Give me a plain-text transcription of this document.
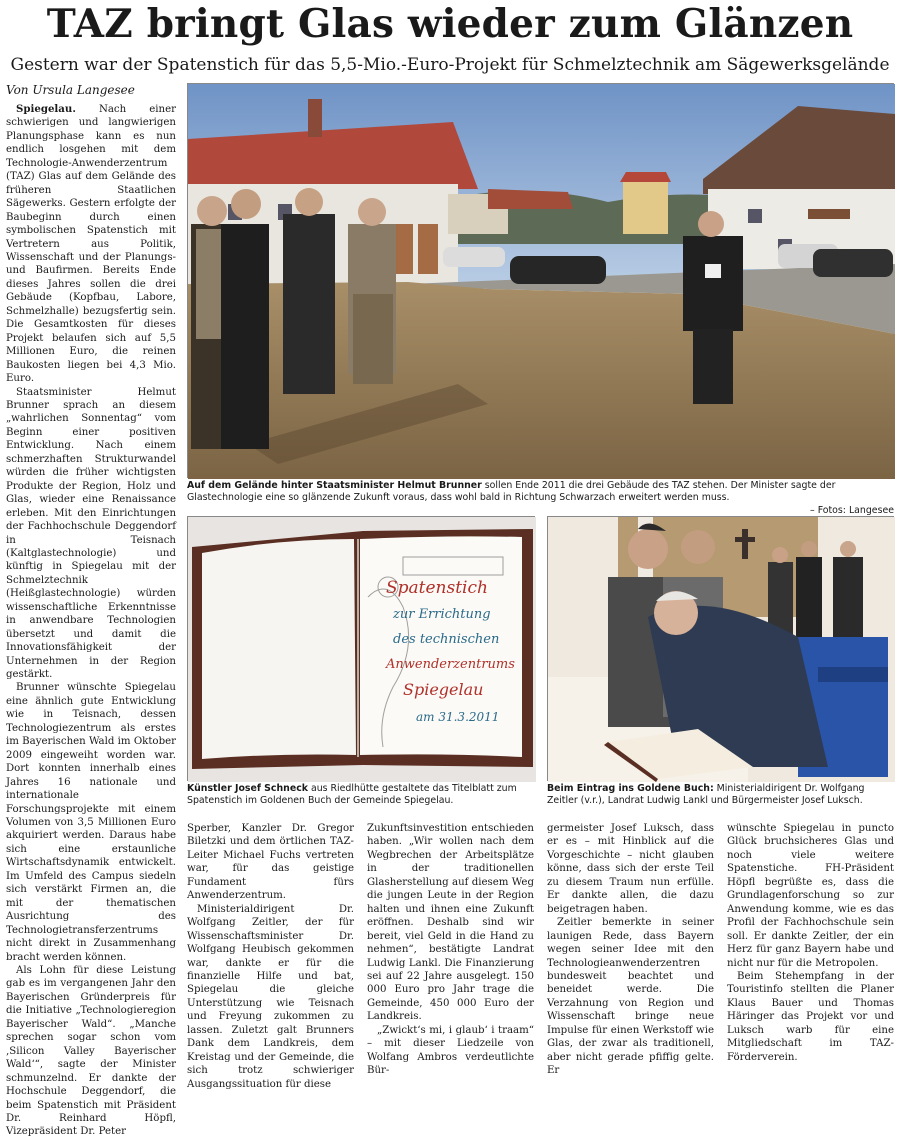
TAZ bringt Glas wieder zum Glänzen
Gestern war der Spatenstich für das 5,5-Mio.-Euro-Projekt für Schmelztechnik am Sägewerksgelände
Von Ursula Langesee

Spiegelau. Nach einer schwierigen und langwierigen Planungsphase kann es nun endlich losgehen mit dem Technologie-Anwenderzentrum (TAZ) Glas auf dem Gelände des früheren Staatlichen Sägewerks. Gestern erfolgte der Baubeginn durch einen symbolischen Spatenstich mit Vertretern aus Politik, Wissenschaft und der Planungs- und Baufirmen. Bereits Ende dieses Jahres sollen die drei Gebäude (Kopfbau, Labore, Schmelzhalle) bezugsfertig sein. Die Gesamtkosten für dieses Projekt belaufen sich auf 5,5 Millionen Euro, die reinen Baukosten liegen bei 4,3 Mio. Euro.

Staatsminister Helmut Brunner sprach an diesem „wahrlichen Sonnentag“ vom Beginn einer positiven Entwicklung. Nach einem schmerzhaften Strukturwandel würden die früher wichtigsten Produkte der Region, Holz und Glas, wieder eine Renaissance erleben. Mit den Einrichtungen der Fachhochschule Deggendorf in Teisnach (Kaltglastechnologie) und künftig in Spiegelau mit der Schmelztechnik (Heißglastechnologie) würden wissenschaftliche Erkenntnisse in anwendbare Technologien übersetzt und damit die Innovationsfähigkeit der Unternehmen in der Region gestärkt.

Brunner wünschte Spiegelau eine ähnlich gute Entwicklung wie in Teisnach, dessen Technologiezentrum als erstes im Bayerischen Wald im Oktober 2009 eingeweiht worden war. Dort konnten innerhalb eines Jahres 16 nationale und internationale Forschungsprojekte mit einem Volumen von 3,5 Millionen Euro akquiriert werden. Daraus habe sich eine erstaunliche Wirtschaftsdynamik entwickelt. Im Umfeld des Campus siedeln sich verstärkt Firmen an, die mit der thematischen Ausrichtung des Technologietransferzentrums nicht direkt in Zusammenhang bracht werden können.

Als Lohn für diese Leistung gab es im vergangenen Jahr den Bayerischen Gründerpreis für die Initiative „Technologieregion Bayerischer Wald“. „Manche sprechen sogar schon vom ‚Silicon Valley Bayerischer Wald‘“, sagte der Minister schmunzelnd. Er dankte der Hochschule Deggendorf, die beim Spatenstich mit Präsident Dr. Reinhard Höpfl, Vizepräsident Dr. Peter

Auf dem Gelände hinter Staatsminister Helmut Brunner sollen Ende 2011 die drei Gebäude des TAZ stehen. Der Minister sagte der Glastechnologie eine so glänzende Zukunft voraus, dass wohl bald in Richtung Schwarzach erweitert werden muss.
– Fotos: Langesee
Spatenstich
zur Errichtung
des technischen
Anwenderzentrums
Spiegelau
am 31.3.2011
Künstler Josef Schneck aus Riedlhütte gestaltete das Titelblatt zum Spatenstich im Goldenen Buch der Gemeinde Spiegelau.
Beim Eintrag ins Goldene Buch: Ministerialdirigent Dr. Wolfgang Zeitler (v.r.), Landrat Ludwig Lankl und Bürgermeister Josef Luksch.

Sperber, Kanzler Dr. Gregor Biletzki und dem örtlichen TAZ-Leiter Michael Fuchs vertreten war, für das geistige Fundament fürs Anwenderzentrum.

Ministerialdirigent Dr. Wolfgang Zeitler, der für Wissenschaftsminister Dr. Wolfgang Heubisch gekommen war, dankte er für die finanzielle Hilfe und bat, Spiegelau die gleiche Unterstützung wie Teisnach und Freyung zukommen zu lassen. Zuletzt galt Brunners Dank dem Landkreis, dem Kreistag und der Gemeinde, die sich trotz schwieriger Ausgangssituation für diese

Zukunftsinvestition entschieden haben. „Wir wollen nach dem Wegbrechen der Arbeitsplätze in der traditionellen Glasherstellung auf diesem Weg die jungen Leute in der Region halten und ihnen eine Zukunft eröffnen. Deshalb sind wir bereit, viel Geld in die Hand zu nehmen“, bestätigte Landrat Ludwig Lankl. Die Finanzierung sei auf 22 Jahre ausgelegt. 150 000 Euro pro Jahr trage die Gemeinde, 450 000 Euro der Landkreis.

„Zwickt‘s mi, i glaub‘ i traam“ – mit dieser Liedzeile von Wolfang Ambros verdeutlichte Bür-

germeister Josef Luksch, dass er es – mit Hinblick auf die Vorgeschichte – nicht glauben könne, dass sich der erste Teil zu diesem Traum nun erfülle. Er dankte allen, die dazu beigetragen haben.

Zeitler bemerkte in seiner launigen Rede, dass Bayern wegen seiner Idee mit den Technologieanwenderzentren bundesweit beachtet und beneidet werde. Die Verzahnung von Region und Wissenschaft bringe neue Impulse für einen Werkstoff wie Glas, der zwar als traditionell, aber nicht gerade pfiffig gelte. Er

wünschte Spiegelau in puncto Glück bruchsicheres Glas und noch viele weitere Spatenstiche. FH-Präsident Höpfl begrüßte es, dass die Grundlagenforschung so zur Anwendung komme, wie es das Profil der Fachhochschule sein soll. Er dankte Zeitler, der ein Herz für ganz Bayern habe und nicht nur für die Metropolen.

Beim Stehempfang in der Touristinfo stellten die Planer Klaus Bauer und Thomas Häringer das Projekt vor und Luksch warb für eine Mitgliedschaft im TAZ-Förderverein.
